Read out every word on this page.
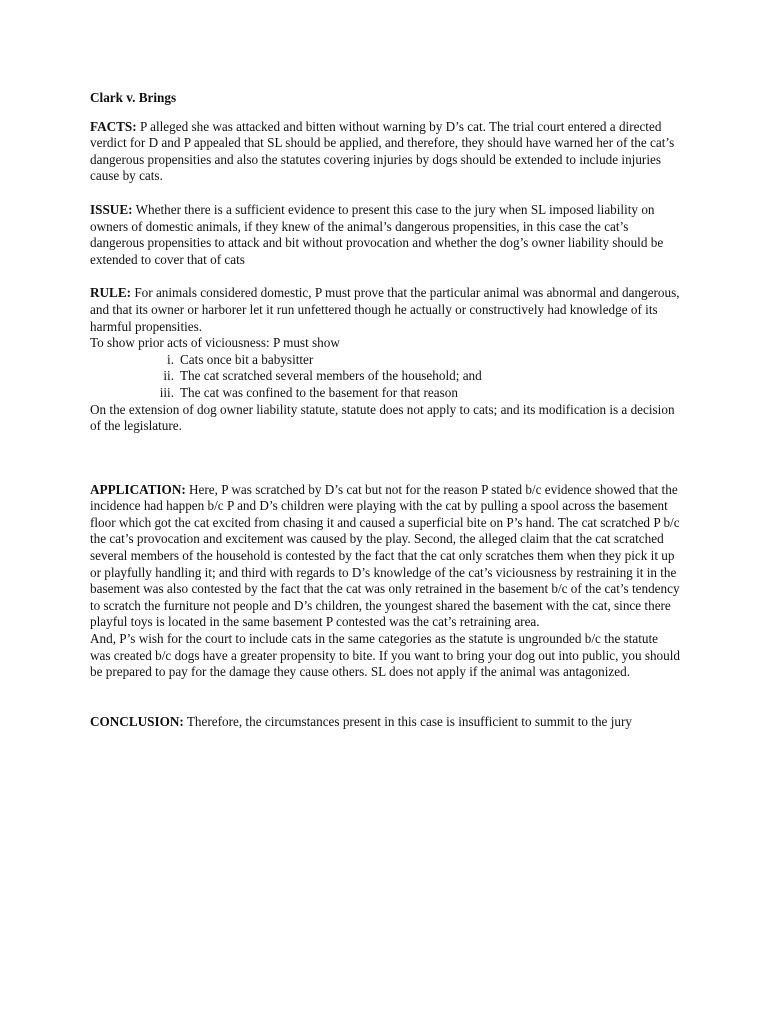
Clark v. Brings

FACTS: P alleged she was attacked and bitten without warning by D’s cat. The trial court entered a directed verdict for D and P appealed that SL should be applied, and therefore, they should have warned her of the cat’s dangerous propensities and also the statutes covering injuries by dogs should be extended to include injuries cause by cats.

ISSUE: Whether there is a sufficient evidence to present this case to the jury when SL imposed liability on owners of domestic animals, if they knew of the animal’s dangerous propensities, in this case the cat’s dangerous propensities to attack and bit without provocation and whether the dog’s owner liability should be extended to cover that of cats

RULE: For animals considered domestic, P must prove that the particular animal was abnormal and dangerous, and that its owner or harborer let it run unfettered though he actually or constructively had knowledge of its harmful propensities.

To show prior acts of viciousness: P must show

i. Cats once bit a babysitter
ii. The cat scratched several members of the household; and
iii. The cat was confined to the basement for that reason

On the extension of dog owner liability statute, statute does not apply to cats; and its modification is a decision of the legislature.

APPLICATION: Here, P was scratched by D’s cat but not for the reason P stated b/c evidence showed that the incidence had happen b/c P and D’s children were playing with the cat by pulling a spool across the basement floor which got the cat excited from chasing it and caused a superficial bite on P’s hand. The cat scratched P b/c the cat’s provocation and excitement was caused by the play. Second, the alleged claim that the cat scratched several members of the household is contested by the fact that the cat only scratches them when they pick it up or playfully handling it; and third with regards to D’s knowledge of the cat’s viciousness by restraining it in the basement was also contested by the fact that the cat was only retrained in the basement b/c of the cat’s tendency to scratch the furniture not people and D’s children, the youngest shared the basement with the cat, since there playful toys is located in the same basement P contested was the cat’s retraining area.

And, P’s wish for the court to include cats in the same categories as the statute is ungrounded b/c the statute was created b/c dogs have a greater propensity to bite. If you want to bring your dog out into public, you should be prepared to pay for the damage they cause others. SL does not apply if the animal was antagonized.

CONCLUSION: Therefore, the circumstances present in this case is insufficient to summit to the jury
